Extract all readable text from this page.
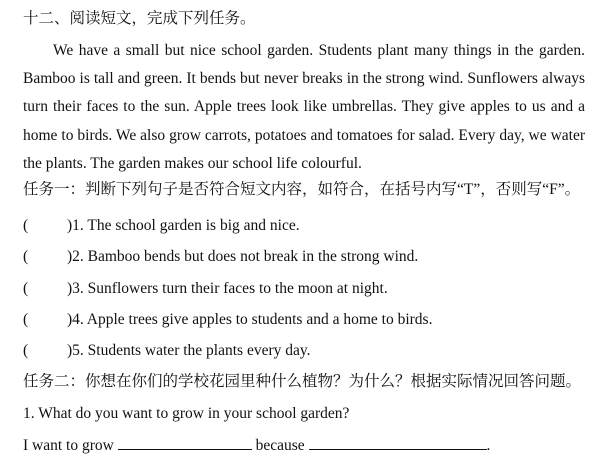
十二、阅读短文，完成下列任务。

We have a small but nice school garden. Students plant many things in the garden. Bamboo is tall and green. It bends but never breaks in the strong wind. Sunflowers always turn their faces to the sun. Apple trees look like umbrellas. They give apples to us and a home to birds. We also grow carrots, potatoes and tomatoes for salad. Every day, we water the plants. The garden makes our school life colourful.

任务一：判断下列句子是否符合短文内容，如符合，在括号内写“T”，否则写“F”。
(	)1. The school garden is big and nice.
(	)2. Bamboo bends but does not break in the strong wind.
(	)3. Sunflowers turn their faces to the moon at night.
(	)4. Apple trees give apples to students and a home to birds.
(	)5. Students water the plants every day.
任务二：你想在你们的学校花园里种什么植物？为什么？根据实际情况回答问题。
1. What do you want to grow in your school garden?
I want to grow	because	.
